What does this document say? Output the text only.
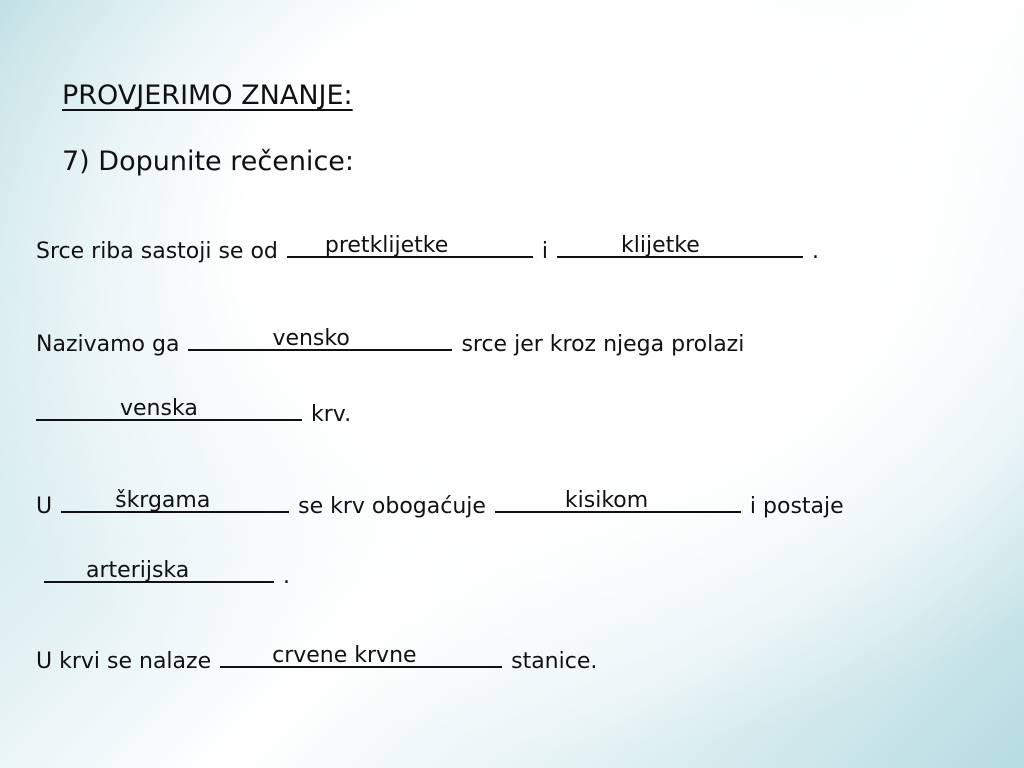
PROVJERIMO ZNANJE:
7) Dopunite rečenice:
Srce riba sastoji se od pretklijetke	i	klijetke	.
Nazivamo ga	vensko	srce jer kroz njega prolazi
venska	krv.
U	škrgama	se krv obogaćuje	kisikom	i postaje
arterijska	.
U krvi se nalaze	crvene krvne	stanice.
